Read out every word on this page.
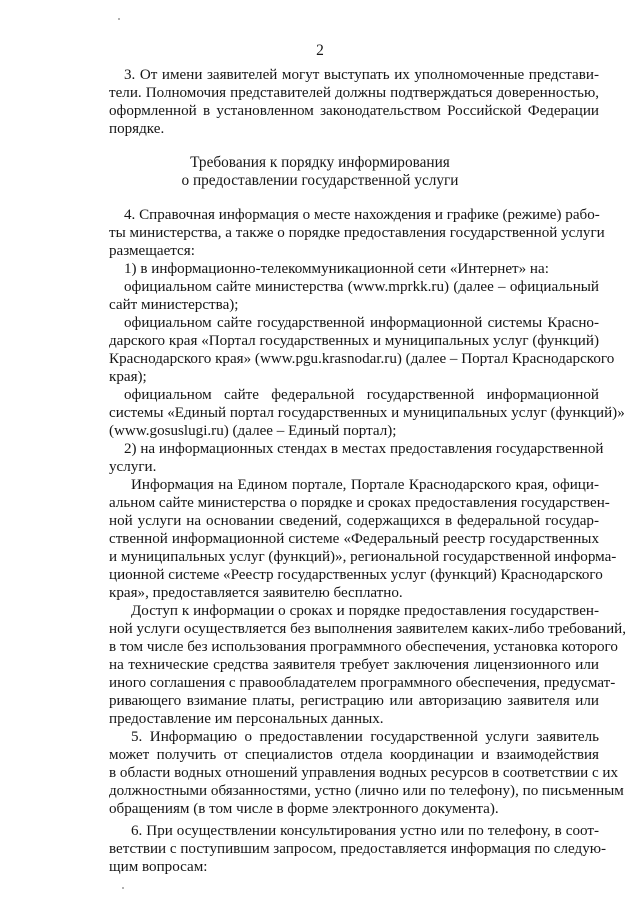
2
3. От имени заявителей могут выступать их уполномоченные представи-
тели. Полномочия представителей должны подтверждаться доверенностью,
оформленной в установленном законодательством Российской Федерации
порядке.
Требования к порядку информирования
о предоставлении государственной услуги
4. Справочная информация о месте нахождения и графике (режиме) рабо-
ты министерства, а также о порядке предоставления государственной услуги
размещается:
1) в информационно-телекоммуникационной сети «Интернет» на:
официальном сайте министерства (www.mprkk.ru) (далее – официальный
сайт министерства);
официальном сайте государственной информационной системы Красно-
дарского края «Портал государственных и муниципальных услуг (функций)
Краснодарского края» (www.pgu.krasnodar.ru) (далее – Портал Краснодарского
края);
официальном сайте федеральной государственной информационной
системы «Единый портал государственных и муниципальных услуг (функций)»
(www.gosuslugi.ru) (далее – Единый портал);
2) на информационных стендах в местах предоставления государственной
услуги.
Информация на Едином портале, Портале Краснодарского края, офици-
альном сайте министерства о порядке и сроках предоставления государствен-
ной услуги на основании сведений, содержащихся в федеральной государ-
ственной информационной системе «Федеральный реестр государственных
и муниципальных услуг (функций)», региональной государственной информа-
ционной системе «Реестр государственных услуг (функций) Краснодарского
края», предоставляется заявителю бесплатно.
Доступ к информации о сроках и порядке предоставления государствен-
ной услуги осуществляется без выполнения заявителем каких-либо требований,
в том числе без использования программного обеспечения, установка которого
на технические средства заявителя требует заключения лицензионного или
иного соглашения с правообладателем программного обеспечения, предусмат-
ривающего взимание платы, регистрацию или авторизацию заявителя или
предоставление им персональных данных.
5. Информацию о предоставлении государственной услуги заявитель
может получить от специалистов отдела координации и взаимодействия
в области водных отношений управления водных ресурсов в соответствии с их
должностными обязанностями, устно (лично или по телефону), по письменным
обращениям (в том числе в форме электронного документа).
6. При осуществлении консультирования устно или по телефону, в соот-
ветствии с поступившим запросом, предоставляется информация по следую-
щим вопросам:
